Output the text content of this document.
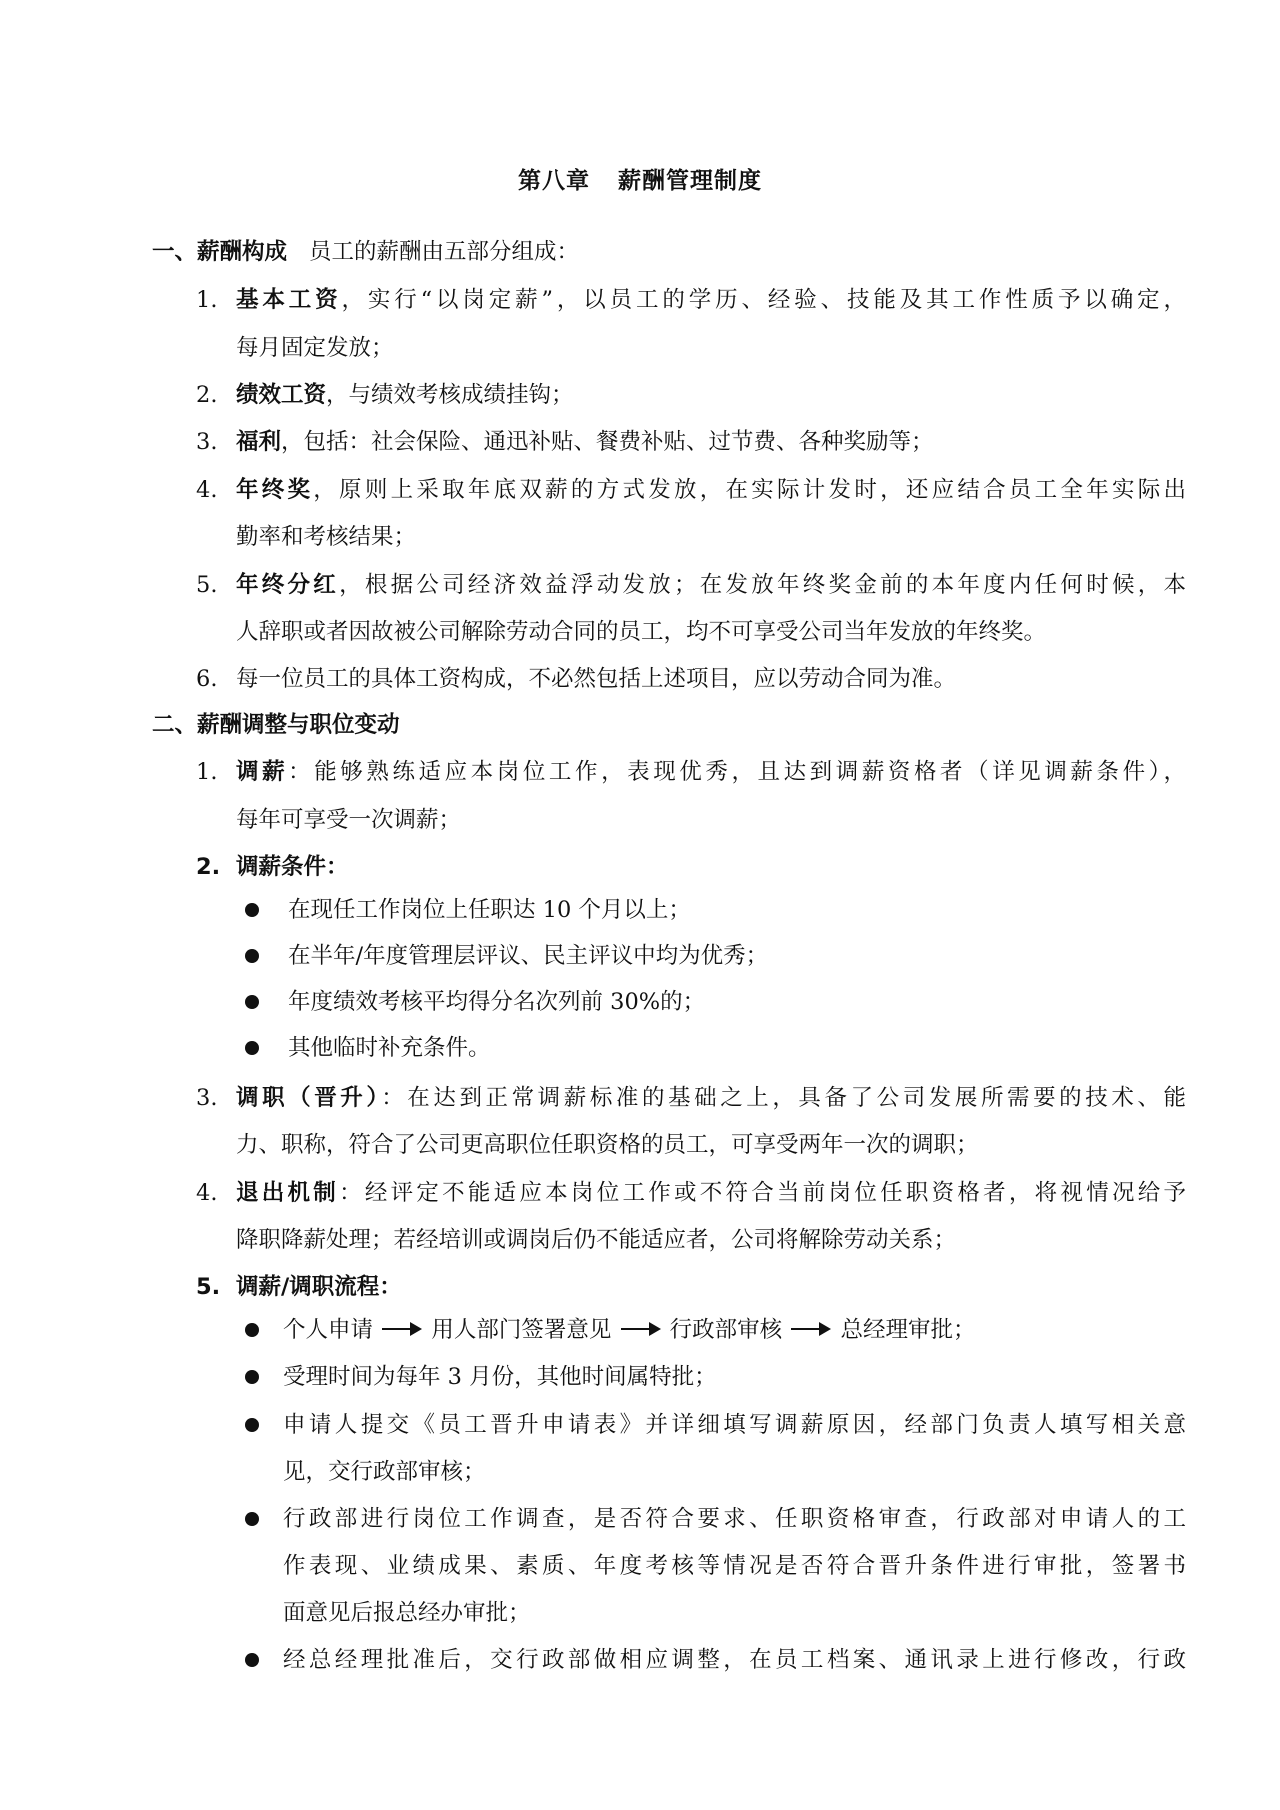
第八章 薪酬管理制度
一、薪酬构成 员工的薪酬由五部分组成：
1. 基本工资，实行“以岗定薪”，以员工的学历、经验、技能及其工作性质予以确定，
每月固定发放；
2. 绩效工资，与绩效考核成绩挂钩；
3. 福利，包括：社会保险、通迅补贴、餐费补贴、过节费、各种奖励等；
4. 年终奖，原则上采取年底双薪的方式发放，在实际计发时，还应结合员工全年实际出
勤率和考核结果；
5. 年终分红，根据公司经济效益浮动发放；在发放年终奖金前的本年度内任何时候，本
人辞职或者因故被公司解除劳动合同的员工，均不可享受公司当年发放的年终奖。
6. 每一位员工的具体工资构成，不必然包括上述项目，应以劳动合同为准。
二、薪酬调整与职位变动
1. 调薪：能够熟练适应本岗位工作，表现优秀，且达到调薪资格者（详见调薪条件），
每年可享受一次调薪；
2. 调薪条件：
在现任工作岗位上任职达 10 个月以上；
在半年/年度管理层评议、民主评议中均为优秀；
年度绩效考核平均得分名次列前 30%的；
其他临时补充条件。
3. 调职（晋升）：在达到正常调薪标准的基础之上，具备了公司发展所需要的技术、能
力、职称，符合了公司更高职位任职资格的员工，可享受两年一次的调职；
4. 退出机制：经评定不能适应本岗位工作或不符合当前岗位任职资格者，将视情况给予
降职降薪处理；若经培训或调岗后仍不能适应者，公司将解除劳动关系；
5. 调薪/调职流程：
个人申请	用人部门签署意见	行政部审核	总经理审批；
受理时间为每年 3 月份，其他时间属特批；
申请人提交《员工晋升申请表》并详细填写调薪原因，经部门负责人填写相关意
见，交行政部审核；
行政部进行岗位工作调查，是否符合要求、任职资格审查，行政部对申请人的工
作表现、业绩成果、素质、年度考核等情况是否符合晋升条件进行审批，签署书
面意见后报总经办审批；
经总经理批准后，交行政部做相应调整，在员工档案、通讯录上进行修改，行政
